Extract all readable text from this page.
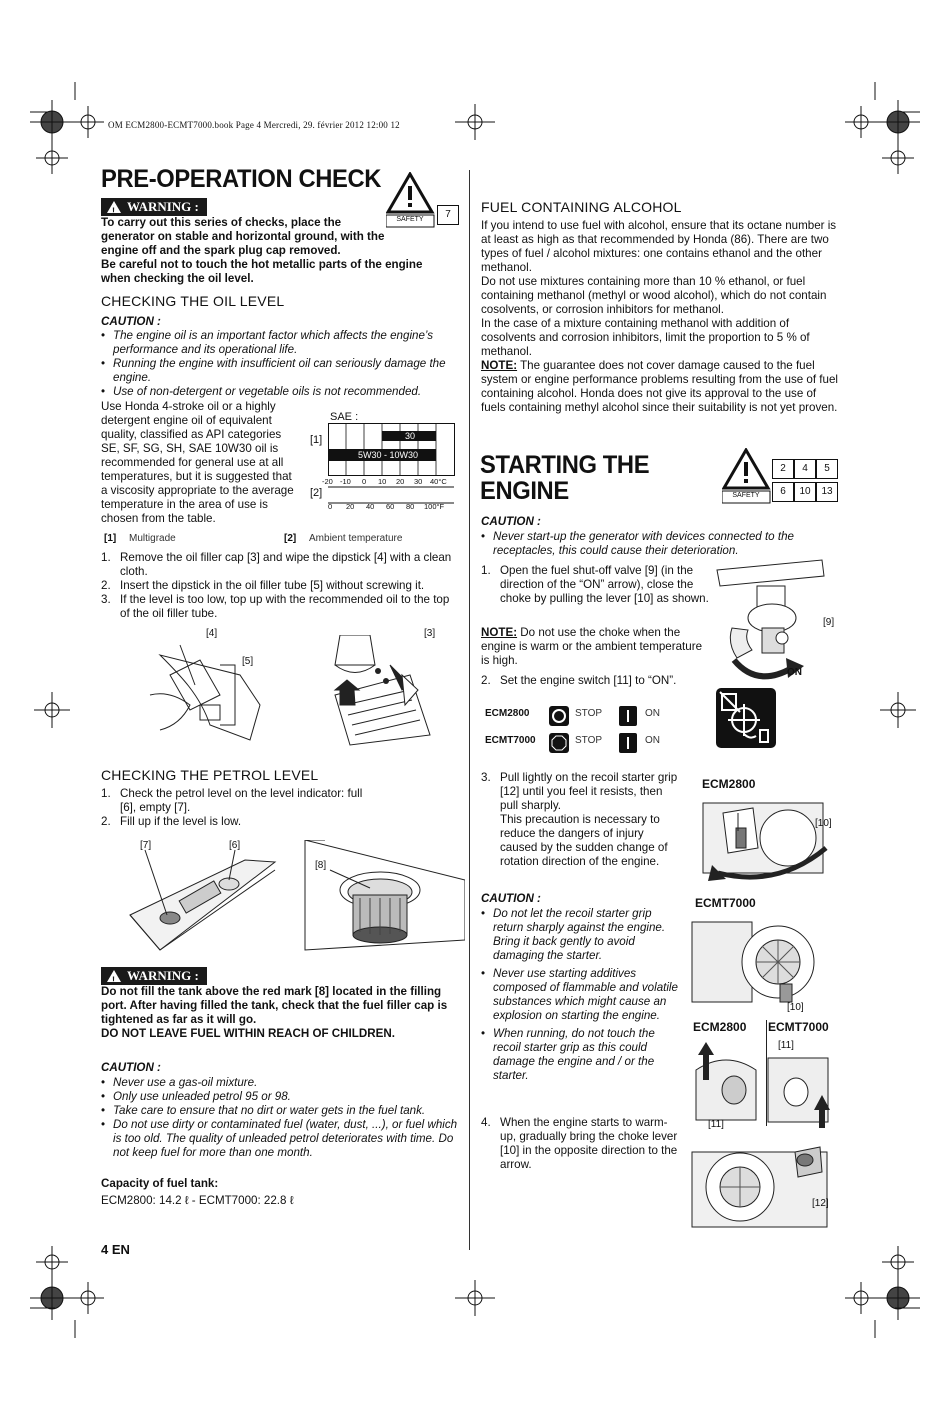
OM ECM2800-ECMT7000.book Page 4 Mercredi, 29. février 2012 12:00 12
PRE-OPERATION CHECK
SAFETY	7
!
WARNING :
To carry out this series of checks, place the generator on stable and horizontal ground, with the engine off and the spark plug cap removed.
Be careful not to touch the hot metallic parts of the engine when checking the oil level.
CHECKING THE OIL LEVEL
CAUTION :
• The engine oil is an important factor which affects the engine’s performance and its operational life.
• Running the engine with insufficient oil can seriously damage the engine.
• Use of non-detergent or vegetable oils is not recommended.
Use Honda 4-stroke oil or a highly detergent engine oil of equivalent quality, classified as API categories SE, SF, SG, SH, SAE 10W30 oil is recommended for general use at all temperatures, but it is suggested that a viscosity appropriate to the average temperature in the area of use is chosen from the table.
SAE :
[1]
[2]
30
5W30 - 10W30
-20 -10 0 10 20 30 40°C
0 20 40 60 80 100°F
[1] Multigrade	[2] Ambient temperature
1. Remove the oil filler cap [3] and wipe the dipstick [4] with a clean cloth.
2. Insert the dipstick in the oil filler tube [5] without screwing it.
3. If the level is too low, top up with the recommended oil to the top of the oil filler tube.
[4]
[5]
[3]
CHECKING THE PETROL LEVEL
1. Check the petrol level on the level indicator: full [6], empty [7].
2. Fill up if the level is low.
[7]	[6]
[8]
!
WARNING :
Do not fill the tank above the red mark [8] located in the filling port. After having filled the tank, check that the fuel filler cap is tightened as far as it will go.
DO NOT LEAVE FUEL WITHIN REACH OF CHILDREN.
CAUTION :
• Never use a gas-oil mixture.
• Only use unleaded petrol 95 or 98.
• Take care to ensure that no dirt or water gets in the fuel tank.
• Do not use dirty or contaminated fuel (water, dust, ...), or fuel which is too old. The quality of unleaded petrol deteriorates with time. Do not keep fuel for more than one month.
Capacity of fuel tank:
ECM2800: 14.2 ℓ - ECMT7000: 22.8 ℓ
4 EN
FUEL CONTAINING ALCOHOL
If you intend to use fuel with alcohol, ensure that its octane number is at least as high as that recommended by Honda (86). There are two types of fuel / alcohol mixtures: one contains ethanol and the other methanol.
Do not use mixtures containing more than 10 % ethanol, or fuel containing methanol (methyl or wood alcohol), which do not contain cosolvents, or corrosion inhibitors for methanol.
In the case of a mixture containing methanol with addition of cosolvents and corrosion inhibitors, limit the proportion to 5 % of methanol.
NOTE: The guarantee does not cover damage caused to the fuel system or engine performance problems resulting from the use of fuel containing alcohol. Honda does not give its approval to the use of fuels containing methyl alcohol since their suitability is not yet proven.
STARTING THE
ENGINE	SAFETY
2	4	5
6	10	13
CAUTION :
• Never start-up the generator with devices connected to the receptacles, this could cause their deterioration.
1. Open the fuel shut-off valve [9] (in the direction of the “ON” arrow), close the choke by pulling the lever [10] as shown.
NOTE: Do not use the choke when the engine is warm or the ambient temperature is high.
2. Set the engine switch [11] to “ON”.
[9]
ON
ECM2800	STOP	ON
ECMT7000	STOP	ON
3. Pull lightly on the recoil starter grip [12] until you feel it resists, then pull sharply.
This precaution is necessary to reduce the dangers of injury caused by the sudden change of rotation direction of the engine.
ECM2800
[10]
ECMT7000
[10]
CAUTION :
• Do not let the recoil starter grip return sharply against the engine. Bring it back gently to avoid damaging the starter.
• Never use starting additives composed of flammable and volatile substances which might cause an explosion on starting the engine.
• When running, do not touch the recoil starter grip as this could damage the engine and / or the starter.
ECM2800 ECMT7000
[11]
[11]
4. When the engine starts to warm-up, gradually bring the choke lever [10] in the opposite direction to the arrow.
[12]
